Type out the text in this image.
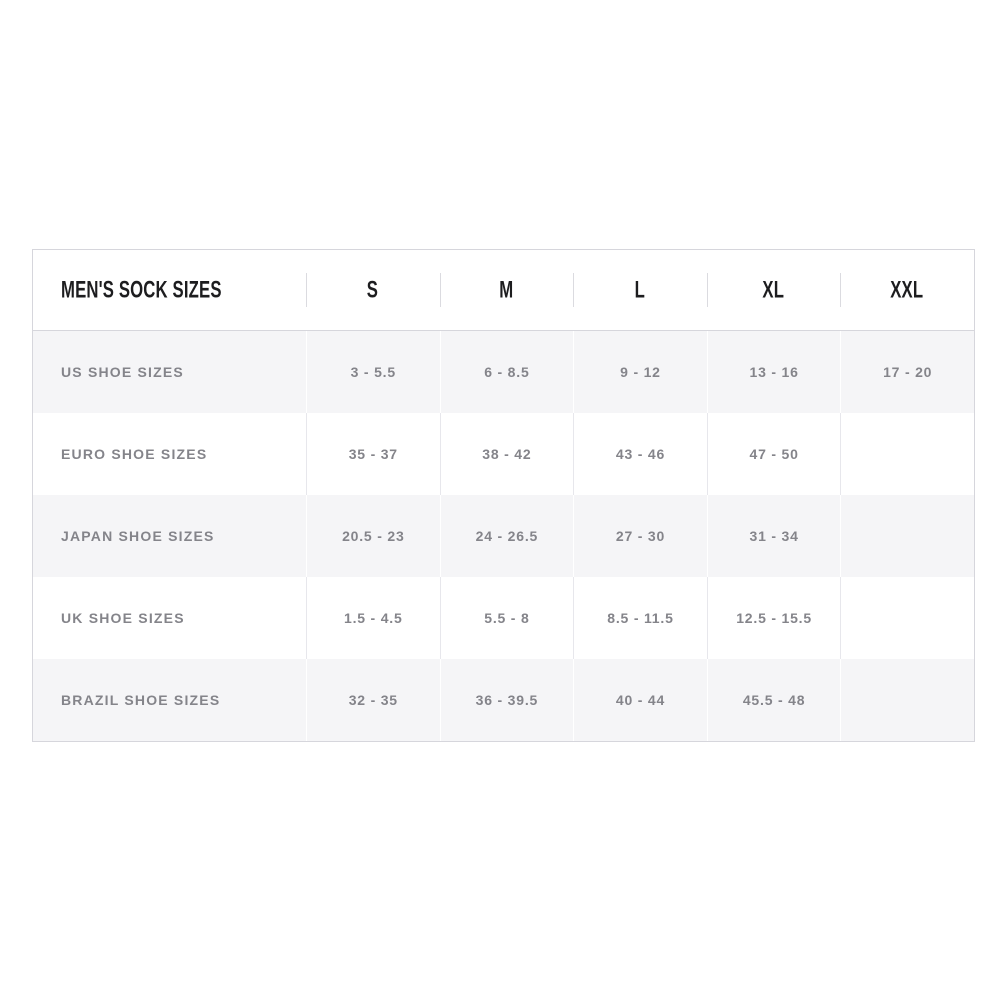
MEN'S SOCK SIZES	S	M	L	XL	XXL
US SHOE SIZES	3 - 5.5	6 - 8.5	9 - 12	13 - 16	17 - 20
EURO SHOE SIZES	35 - 37	38 - 42	43 - 46	47 - 50
JAPAN SHOE SIZES	20.5 - 23	24 - 26.5	27 - 30	31 - 34
UK SHOE SIZES	1.5 - 4.5	5.5 - 8	8.5 - 11.5	12.5 - 15.5
BRAZIL SHOE SIZES	32 - 35	36 - 39.5	40 - 44	45.5 - 48
